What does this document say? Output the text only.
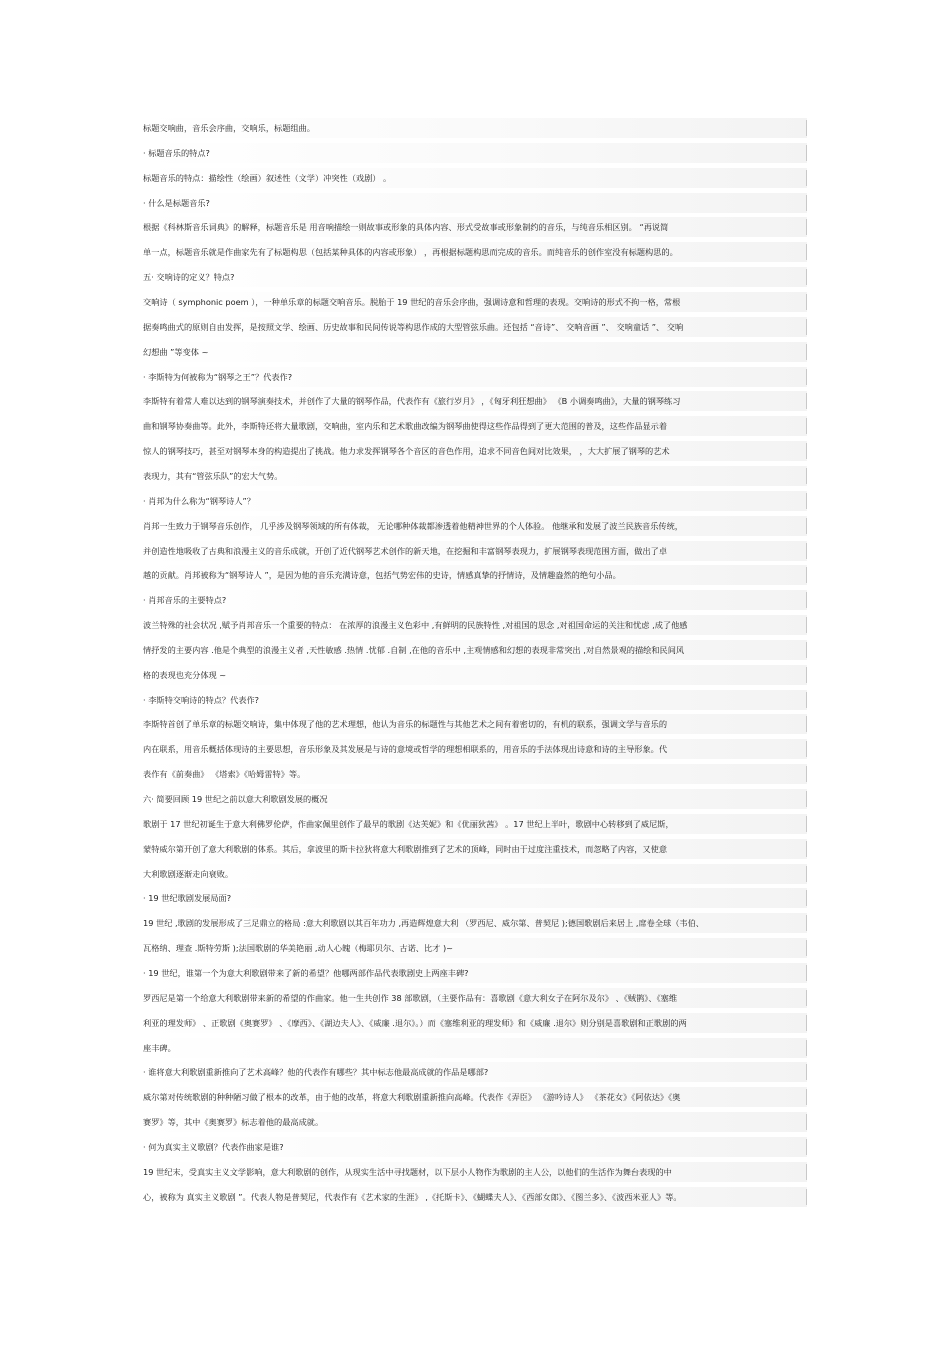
标题交响曲，音乐会序曲，交响乐，标题组曲。
· 标题音乐的特点?
标题音乐的特点：描绘性（绘画）叙述性（文学）冲突性（戏剧） 。
· 什么是标题音乐?
根据《科林斯音乐词典》的解释，标题音乐是 用音响描绘一则故事或形象的具体内容、形式受故事或形象制约的音乐，与纯音乐相区别。 “再说简
单一点，标题音乐就是作曲家先有了标题构思（包括某种具体的内容或形象） ，再根据标题构思而完成的音乐。而纯音乐的创作室没有标题构思的。
五· 交响诗的定义？特点?
交响诗（ symphonic poem ），一种单乐章的标题交响音乐。脱胎于 19 世纪的音乐会序曲，强调诗意和哲理的表现。交响诗的形式不拘一格，常根
据奏鸣曲式的原则自由发挥，是按照文学、绘画、历史故事和民间传说等构思作成的大型管弦乐曲。还包括 “音诗”、 交响音画 ”、 交响童话 ”、 交响
幻想曲 ”等变体 ~
· 李斯特为何被称为“钢琴之王”？代表作?
李斯特有着常人难以达到的钢琴演奏技术，并创作了大量的钢琴作品，代表作有《旅行岁月》 ，《匈牙利狂想曲》 《B 小调奏鸣曲》，大量的钢琴练习
曲和钢琴协奏曲等。此外，李斯特还将大量歌剧，交响曲，室内乐和艺术歌曲改编为钢琴曲使得这些作品得到了更大范围的普及，这些作品显示着
惊人的钢琴技巧，甚至对钢琴本身的构造提出了挑战。他力求发挥钢琴各个音区的音色作用，追求不同音色间对比效果， ，大大扩展了钢琴的艺术
表现力，其有“管弦乐队”的宏大气势。
· 肖邦为什么称为“钢琴诗人”？
肖邦一生致力于钢琴音乐创作， 几乎涉及钢琴领域的所有体裁， 无论哪种体裁都渗透着他精神世界的个人体验。 他继承和发展了波兰民族音乐传统，
并创造性地吸收了古典和浪漫主义的音乐成就，开创了近代钢琴艺术创作的新天地，在挖掘和丰富钢琴表现力，扩展钢琴表现范围方面，做出了卓
越的贡献。肖邦被称为“钢琴诗人 ”，是因为他的音乐充满诗意，包括气势宏伟的史诗，情感真挚的抒情诗，及情趣盎然的绝句小品。
· 肖邦音乐的主要特点?
波兰特殊的社会状况 ,赋予肖邦音乐一个重要的特点： 在浓厚的浪漫主义色彩中 ,有鲜明的民族特性 ,对祖国的思念 ,对祖国命运的关注和忧虑 ,成了他感
情抒发的主要内容 .他是个典型的浪漫主义者 ,天性敏感 .热情 .忧郁 .自制 ,在他的音乐中 ,主观情感和幻想的表现非常突出 ,对自然景观的描绘和民间风
格的表现也充分体现 ~
· 李斯特交响诗的特点？代表作?
李斯特首创了单乐章的标题交响诗，集中体现了他的艺术理想，他认为音乐的标题性与其他艺术之间有着密切的，有机的联系，强调文学与音乐的
内在联系，用音乐概括体现诗的主要思想，音乐形象及其发展是与诗的意境或哲学的理想相联系的，用音乐的手法体现出诗意和诗的主导形象。代
表作有《前奏曲》 《塔索》《哈姆雷特》等。
六· 简要回顾 19 世纪之前以意大利歌剧发展的概况
歌剧于 17 世纪初诞生于意大利佛罗伦萨，作曲家佩里创作了最早的歌剧《达芙妮》和《优丽狄茜》 。17 世纪上半叶，歌剧中心转移到了威尼斯，
蒙特威尔第开创了意大利歌剧的体系。其后，拿波里的斯卡拉狄将意大利歌剧推到了艺术的顶峰，同时由于过度注重技术，而忽略了内容，又使意
大利歌剧逐渐走向衰败。
· 19 世纪歌剧发展局面?
19 世纪 ,歌剧的发展形成了三足鼎立的格局 :意大利歌剧以其百年功力 ,再造辉煌意大利 （罗西尼、威尔第、普契尼 );德国歌剧后来居上 ,席卷全球（韦伯、
瓦格纳、理查 .斯特劳斯 );法国歌剧的华美艳丽 ,动人心魄（梅耶贝尔、古诺、比才 )~
· 19 世纪，谁第一个为意大利歌剧带来了新的希望？他哪两部作品代表歌剧史上两座丰碑?
罗西尼是第一个给意大利歌剧带来新的希望的作曲家。他一生共创作 38 部歌剧，（主要作品有：喜歌剧《意大利女子在阿尔及尔》 、《贼鹊》、《塞维
利亚的理发师》 、正歌剧《奥赛罗》 、《摩西》、《湖边夫人》、《威廉 .退尔》。）而《塞维利亚的理发师》和《威廉 .退尔》则分别是喜歌剧和正歌剧的两
座丰碑。
· 谁将意大利歌剧重新推向了艺术高峰？他的代表作有哪些？其中标志他最高成就的作品是哪部?
威尔第对传统歌剧的种种陋习做了根本的改革，由于他的改革，将意大利歌剧重新推向高峰。代表作《弄臣》 《游吟诗人》 《茶花女》《阿依达》《奥
赛罗》等，其中《奥赛罗》标志着他的最高成就。
· 何为真实主义歌剧？代表作曲家是谁?
19 世纪末，受真实主义文学影响，意大利歌剧的创作，从现实生活中寻找题材，以下层小人物作为歌剧的主人公，以他们的生活作为舞台表现的中
心，被称为 真实主义歌剧 ”。代表人物是普契尼，代表作有《艺术家的生涯》 ,《托斯卡》、《蝴蝶夫人》、《西部女郎》、《图兰多》、《波西米亚人》等。
